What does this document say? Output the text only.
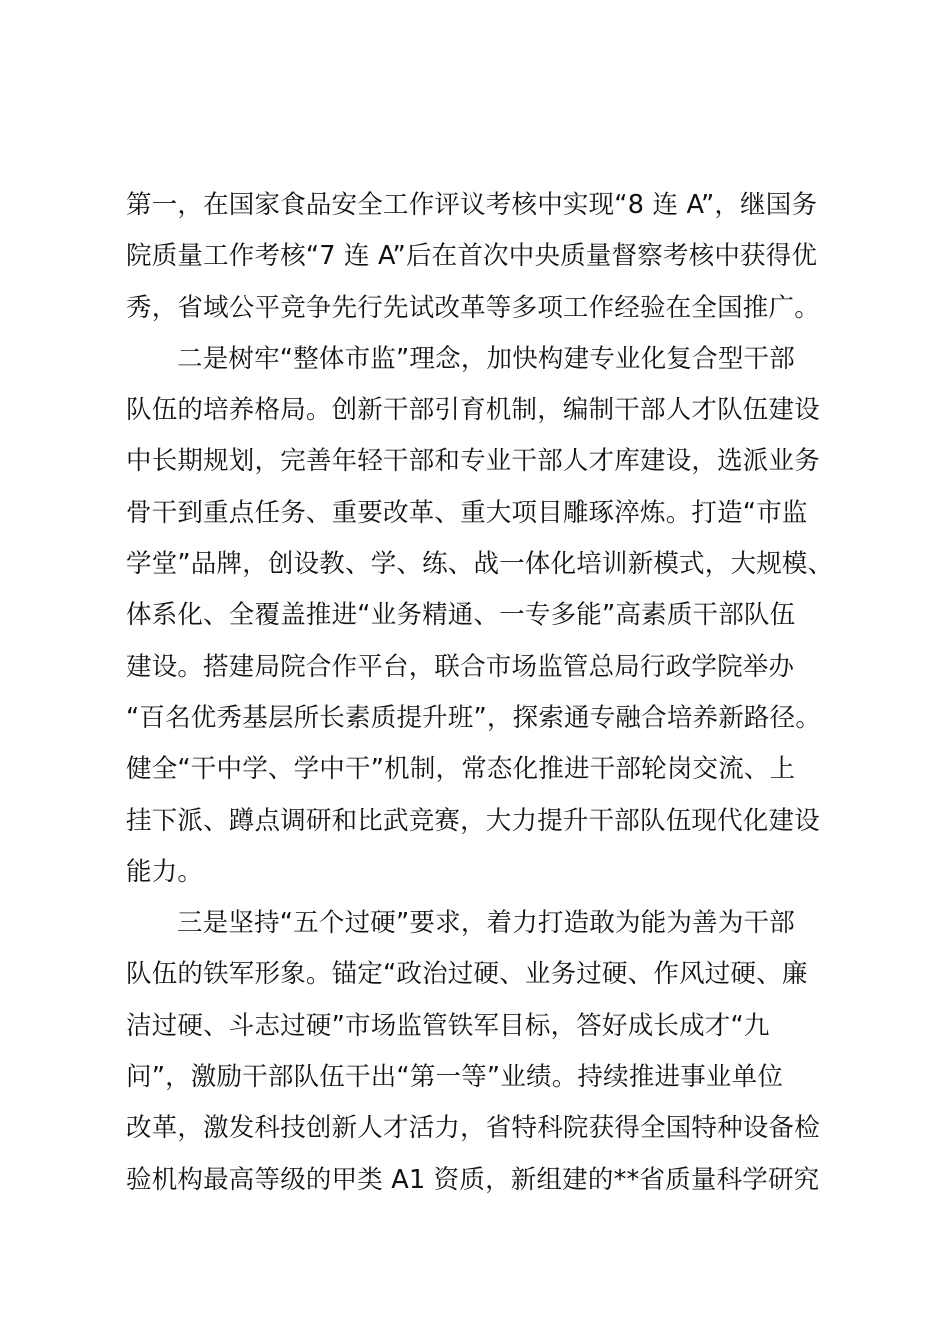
第一，在国家食品安全工作评议考核中实现“8 连 A”，继国务
院质量工作考核“7 连 A”后在首次中央质量督察考核中获得优
秀，省域公平竞争先行先试改革等多项工作经验在全国推广。
二是树牢“整体市监”理念，加快构建专业化复合型干部
队伍的培养格局。创新干部引育机制，编制干部人才队伍建设
中长期规划，完善年轻干部和专业干部人才库建设，选派业务
骨干到重点任务、重要改革、重大项目雕琢淬炼。打造“市监
学堂”品牌，创设教、学、练、战一体化培训新模式，大规模、
体系化、全覆盖推进“业务精通、一专多能”高素质干部队伍
建设。搭建局院合作平台，联合市场监管总局行政学院举办
“百名优秀基层所长素质提升班”，探索通专融合培养新路径。
健全“干中学、学中干”机制，常态化推进干部轮岗交流、上
挂下派、蹲点调研和比武竞赛，大力提升干部队伍现代化建设
能力。
三是坚持“五个过硬”要求，着力打造敢为能为善为干部
队伍的铁军形象。锚定“政治过硬、业务过硬、作风过硬、廉
洁过硬、斗志过硬”市场监管铁军目标，答好成长成才“九
问”，激励干部队伍干出“第一等”业绩。持续推进事业单位
改革，激发科技创新人才活力，省特科院获得全国特种设备检
验机构最高等级的甲类 A1 资质，新组建的**省质量科学研究
